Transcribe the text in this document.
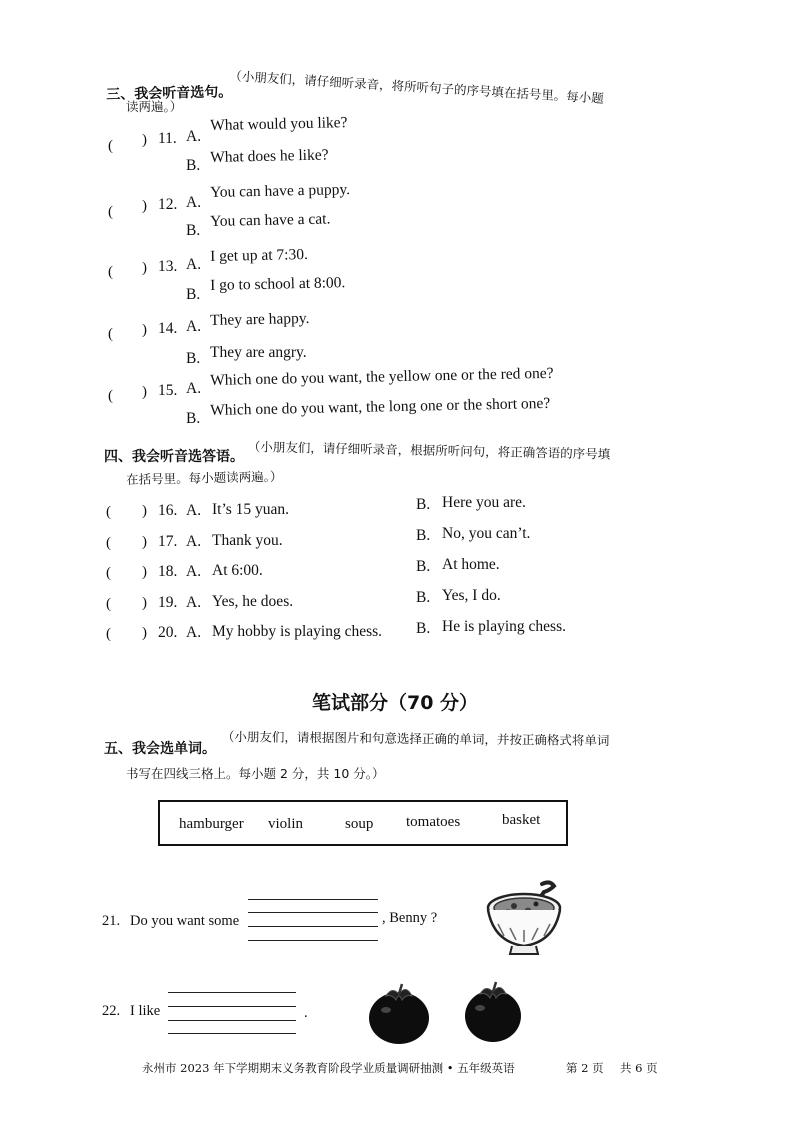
三、我会听音选句。
（小朋友们，请仔细听录音，将所听句子的序号填在括号里。每小题
读两遍。）
( ) 11. A.
What would you like?
B. What does he like?
( ) 12. A.
You can have a puppy.
B.
You can have a cat.
( ) 13. A. I get up at 7:30.
B.
I go to school at 8:00.
( ) 14. A. They are happy.
B. They are angry.
( ) 15. A. Which one do you want, the yellow one or the red one?
B. Which one do you want, the long one or the short one?
四、我会听音选答语。 （小朋友们，请仔细听录音，根据所听问句，将正确答语的序号填
在括号里。每小题读两遍。）
( ) 16. A. It’s 15 yuan.	B. Here you are.
( ) 17. A. Thank you.	B. No, you can’t.
( ) 18. A. At 6:00.	B. At home.
( ) 19. A. Yes, he does.	B. Yes, I do.
( ) 20. A. My hobby is playing chess. B. He is playing chess.
笔试部分（70 分）
五、我会选单词。
（小朋友们，请根据图片和句意选择正确的单词，并按正确格式将单词
书写在四线三格上。每小题 2 分，共 10 分。）
hamburger violin	soup tomatoes	basket
21. Do you want some	, Benny ?
22. I like	.
永州市 2023 年下学期期末义务教育阶段学业质量调研抽测 • 五年级英语	第 2 页 共 6 页
